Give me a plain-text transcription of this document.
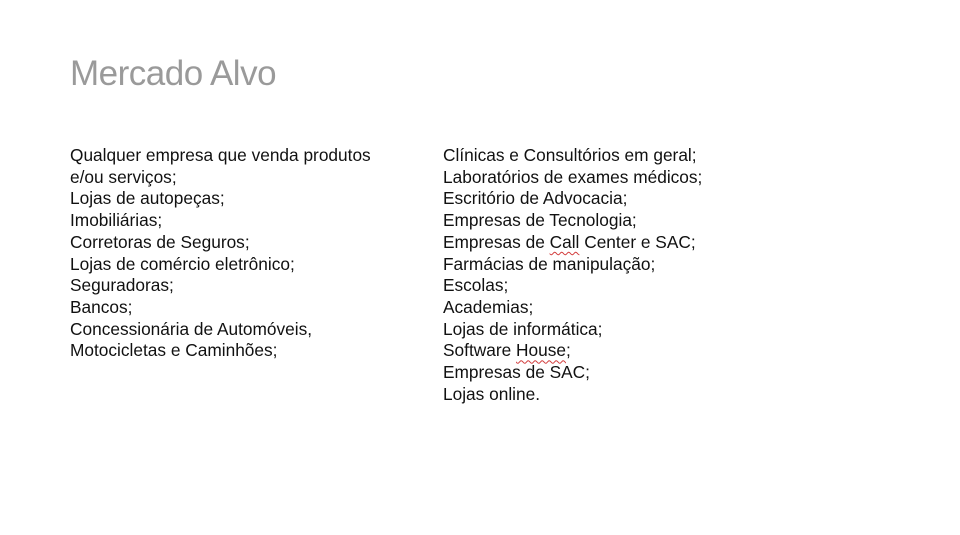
Mercado Alvo
Qualquer empresa que venda produtos e/ou serviços;
Lojas de autopeças;
Imobiliárias;
Corretoras de Seguros;
Lojas de comércio eletrônico;
Seguradoras;
Bancos;
Concessionária de Automóveis, Motocicletas e Caminhões;
Clínicas e Consultórios em geral;
Laboratórios de exames médicos;
Escritório de Advocacia;
Empresas de Tecnologia;
Empresas de Call Center e SAC;
Farmácias de manipulação;
Escolas;
Academias;
Lojas de informática;
Software House;
Empresas de SAC;
Lojas online.
